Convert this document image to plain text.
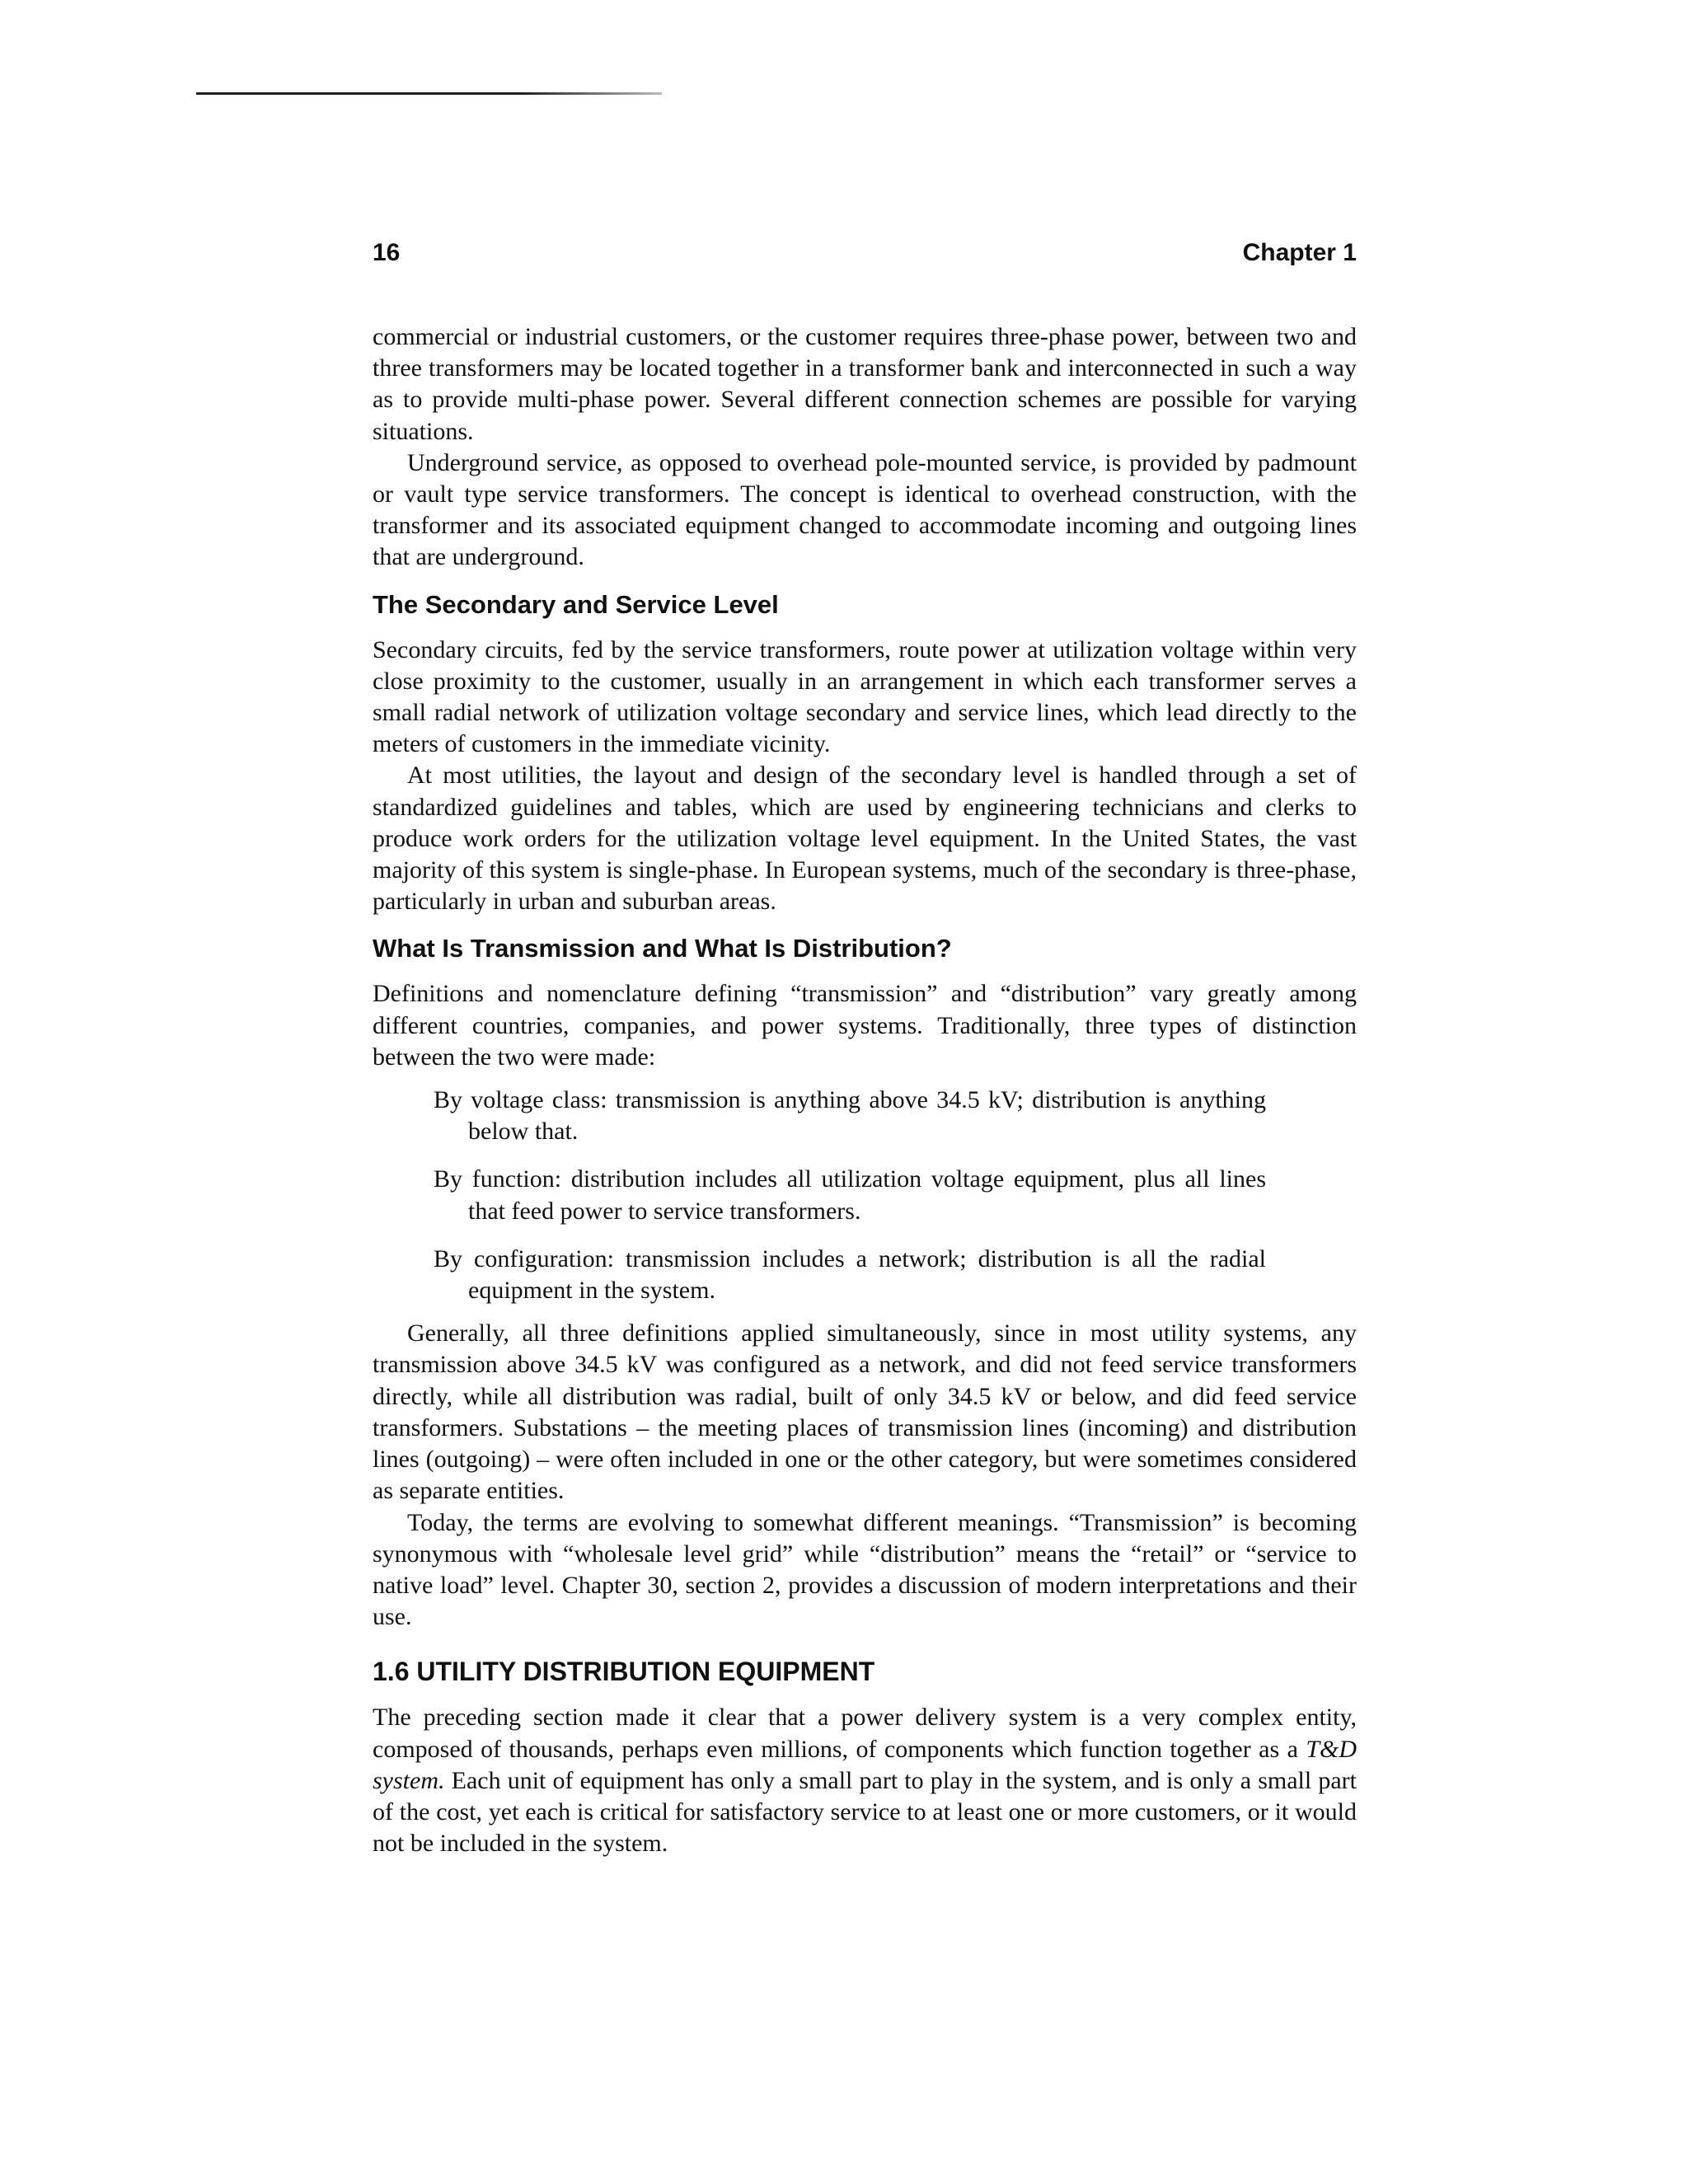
16	Chapter 1

commercial or industrial customers, or the customer requires three-phase power, between two and three transformers may be located together in a transformer bank and interconnected in such a way as to provide multi-phase power. Several different connection schemes are possible for varying situations.

Underground service, as opposed to overhead pole-mounted service, is provided by padmount or vault type service transformers. The concept is identical to overhead construction, with the transformer and its associated equipment changed to accommodate incoming and outgoing lines that are underground.

The Secondary and Service Level

Secondary circuits, fed by the service transformers, route power at utilization voltage within very close proximity to the customer, usually in an arrangement in which each transformer serves a small radial network of utilization voltage secondary and service lines, which lead directly to the meters of customers in the immediate vicinity.

At most utilities, the layout and design of the secondary level is handled through a set of standardized guidelines and tables, which are used by engineering technicians and clerks to produce work orders for the utilization voltage level equipment. In the United States, the vast majority of this system is single-phase. In European systems, much of the secondary is three-phase, particularly in urban and suburban areas.

What Is Transmission and What Is Distribution?

Definitions and nomenclature defining “transmission” and “distribution” vary greatly among different countries, companies, and power systems. Traditionally, three types of distinction between the two were made:

By voltage class: transmission is anything above 34.5 kV; distribution is anything below that.
By function: distribution includes all utilization voltage equipment, plus all lines that feed power to service transformers.
By configuration: transmission includes a network; distribution is all the radial equipment in the system.

Generally, all three definitions applied simultaneously, since in most utility systems, any transmission above 34.5 kV was configured as a network, and did not feed service transformers directly, while all distribution was radial, built of only 34.5 kV or below, and did feed service transformers. Substations – the meeting places of transmission lines (incoming) and distribution lines (outgoing) – were often included in one or the other category, but were sometimes considered as separate entities.

Today, the terms are evolving to somewhat different meanings. “Transmission” is becoming synonymous with “wholesale level grid” while “distribution” means the “retail” or “service to native load” level. Chapter 30, section 2, provides a discussion of modern interpretations and their use.

1.6 UTILITY DISTRIBUTION EQUIPMENT

The preceding section made it clear that a power delivery system is a very complex entity, composed of thousands, perhaps even millions, of components which function together as a T&D system. Each unit of equipment has only a small part to play in the system, and is only a small part of the cost, yet each is critical for satisfactory service to at least one or more customers, or it would not be included in the system.
